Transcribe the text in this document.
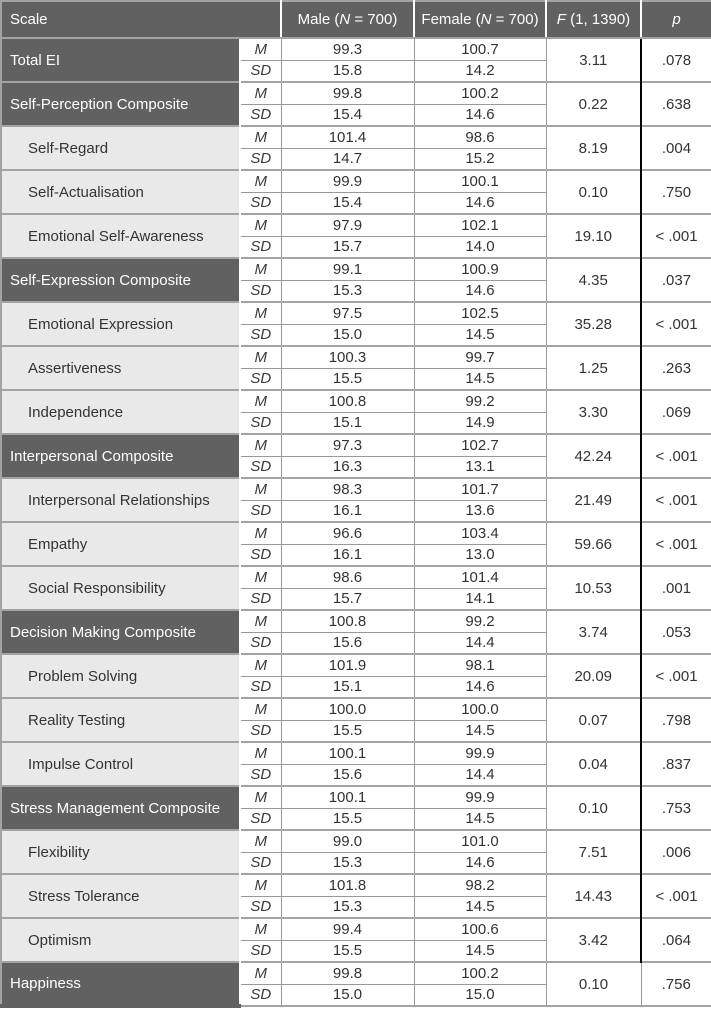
Scale		Male (N = 700)	Female (N = 700)	F (1, 1390)	p
Total EI	M	99.3	100.7	3.11	.078
	SD	15.8	14.2		
Self-Perception Composite	M	99.8	100.2	0.22	.638
	SD	15.4	14.6		
Self-Regard	M	101.4	98.6	8.19	.004
	SD	14.7	15.2		
Self-Actualisation	M	99.9	100.1	0.10	.750
	SD	15.4	14.6		
Emotional Self-Awareness	M	97.9	102.1	19.10	< .001
	SD	15.7	14.0		
Self-Expression Composite	M	99.1	100.9	4.35	.037
	SD	15.3	14.6		
Emotional Expression	M	97.5	102.5	35.28	< .001
	SD	15.0	14.5		
Assertiveness	M	100.3	99.7	1.25	.263
	SD	15.5	14.5		
Independence	M	100.8	99.2	3.30	.069
	SD	15.1	14.9		
Interpersonal Composite	M	97.3	102.7	42.24	< .001
	SD	16.3	13.1		
Interpersonal Relationships	M	98.3	101.7	21.49	< .001
	SD	16.1	13.6		
Empathy	M	96.6	103.4	59.66	< .001
	SD	16.1	13.0		
Social Responsibility	M	98.6	101.4	10.53	.001
	SD	15.7	14.1		
Decision Making Composite	M	100.8	99.2	3.74	.053
	SD	15.6	14.4		
Problem Solving	M	101.9	98.1	20.09	< .001
	SD	15.1	14.6		
Reality Testing	M	100.0	100.0	0.07	.798
	SD	15.5	14.5		
Impulse Control	M	100.1	99.9	0.04	.837
	SD	15.6	14.4		
Stress Management Composite	M	100.1	99.9	0.10	.753
	SD	15.5	14.5		
Flexibility	M	99.0	101.0	7.51	.006
	SD	15.3	14.6		
Stress Tolerance	M	101.8	98.2	14.43	< .001
	SD	15.3	14.5		
Optimism	M	99.4	100.6	3.42	.064
	SD	15.5	14.5		
Happiness	M	99.8	100.2	0.10	.756
	SD	15.0	15.0		
